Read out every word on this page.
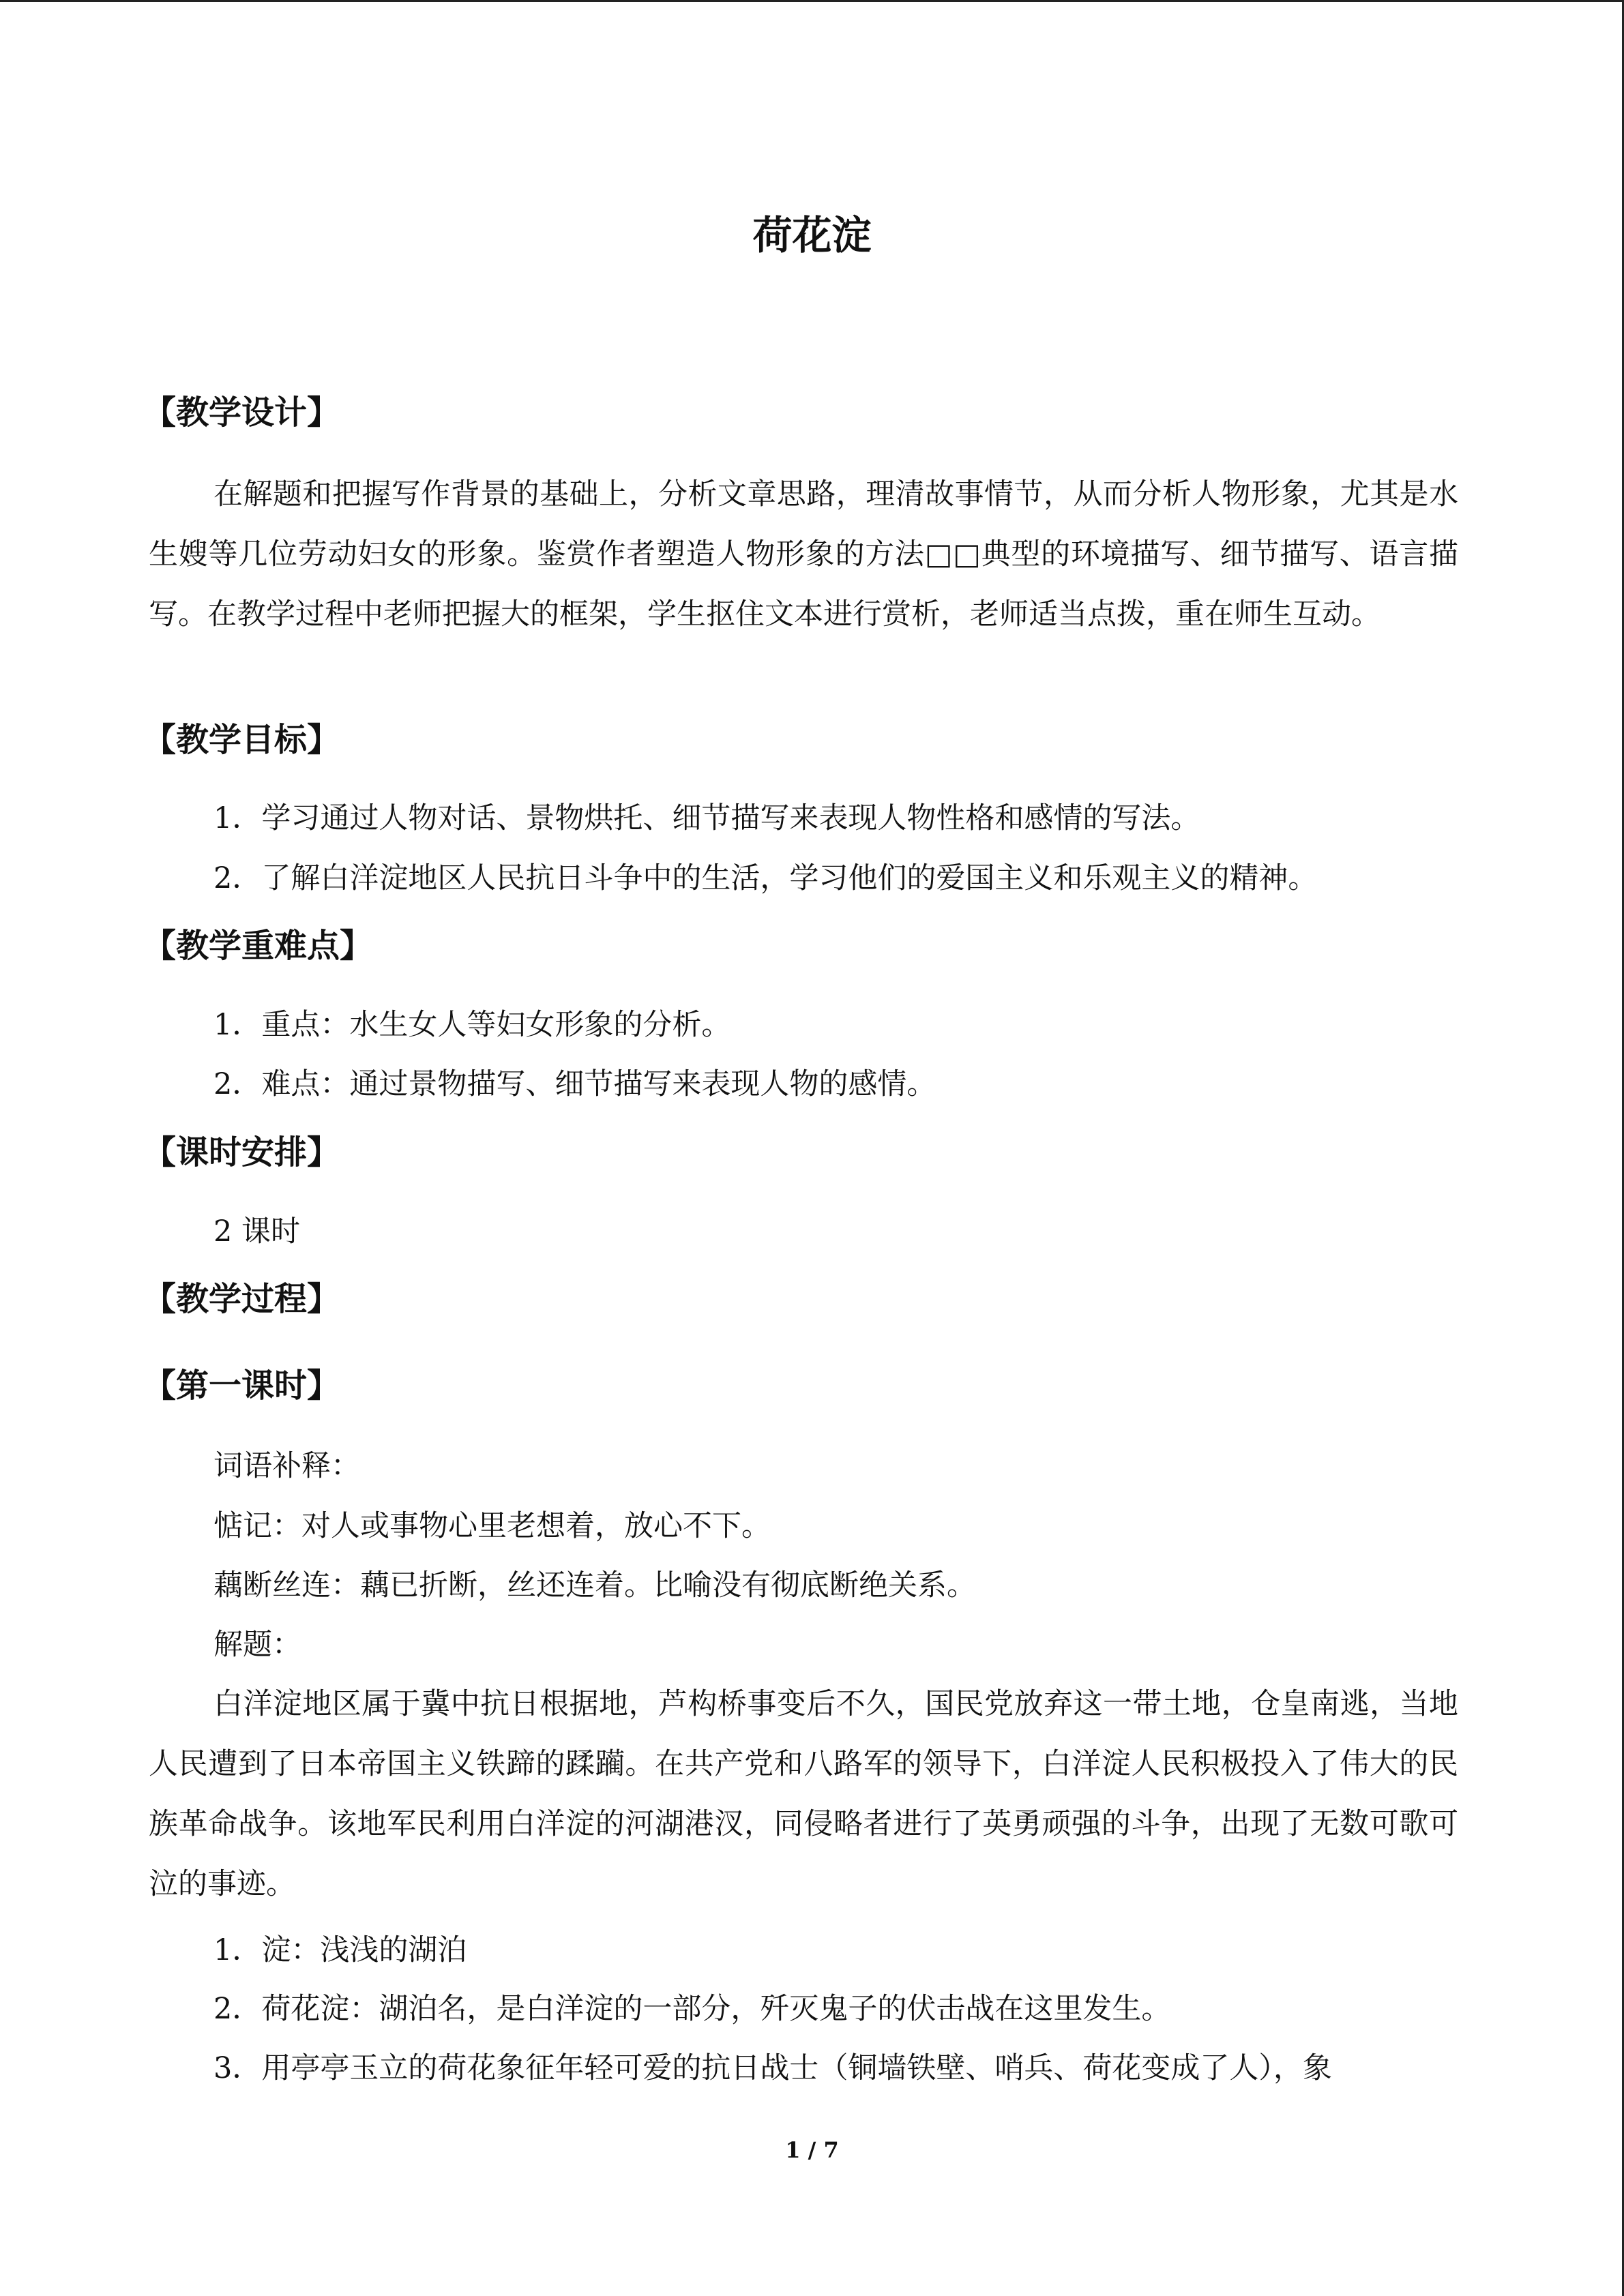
荷花淀
【教学设计】
在解题和把握写作背景的基础上，分析文章思路，理清故事情节，从而分析人物形象，尤其是水生嫂等几位劳动妇女的形象。鉴赏作者塑造人物形象的方法□□典型的环境描写、细节描写、语言描写。在教学过程中老师把握大的框架，学生抠住文本进行赏析，老师适当点拨，重在师生互动。
【教学目标】
1．学习通过人物对话、景物烘托、细节描写来表现人物性格和感情的写法。
2．了解白洋淀地区人民抗日斗争中的生活，学习他们的爱国主义和乐观主义的精神。
【教学重难点】
1．重点：水生女人等妇女形象的分析。
2．难点：通过景物描写、细节描写来表现人物的感情。
【课时安排】
2 课时
【教学过程】
【第一课时】
词语补释：
惦记：对人或事物心里老想着，放心不下。
藕断丝连：藕已折断，丝还连着。比喻没有彻底断绝关系。
解题：
白洋淀地区属于冀中抗日根据地，芦构桥事变后不久，国民党放弃这一带土地，仓皇南逃，当地人民遭到了日本帝国主义铁蹄的蹂躏。在共产党和八路军的领导下，白洋淀人民积极投入了伟大的民族革命战争。该地军民利用白洋淀的河湖港汊，同侵略者进行了英勇顽强的斗争，出现了无数可歌可泣的事迹。
1．淀：浅浅的湖泊
2．荷花淀：湖泊名，是白洋淀的一部分，歼灭鬼子的伏击战在这里发生。
3．用亭亭玉立的荷花象征年轻可爱的抗日战士（铜墙铁壁、哨兵、荷花变成了人），象
1 / 7
